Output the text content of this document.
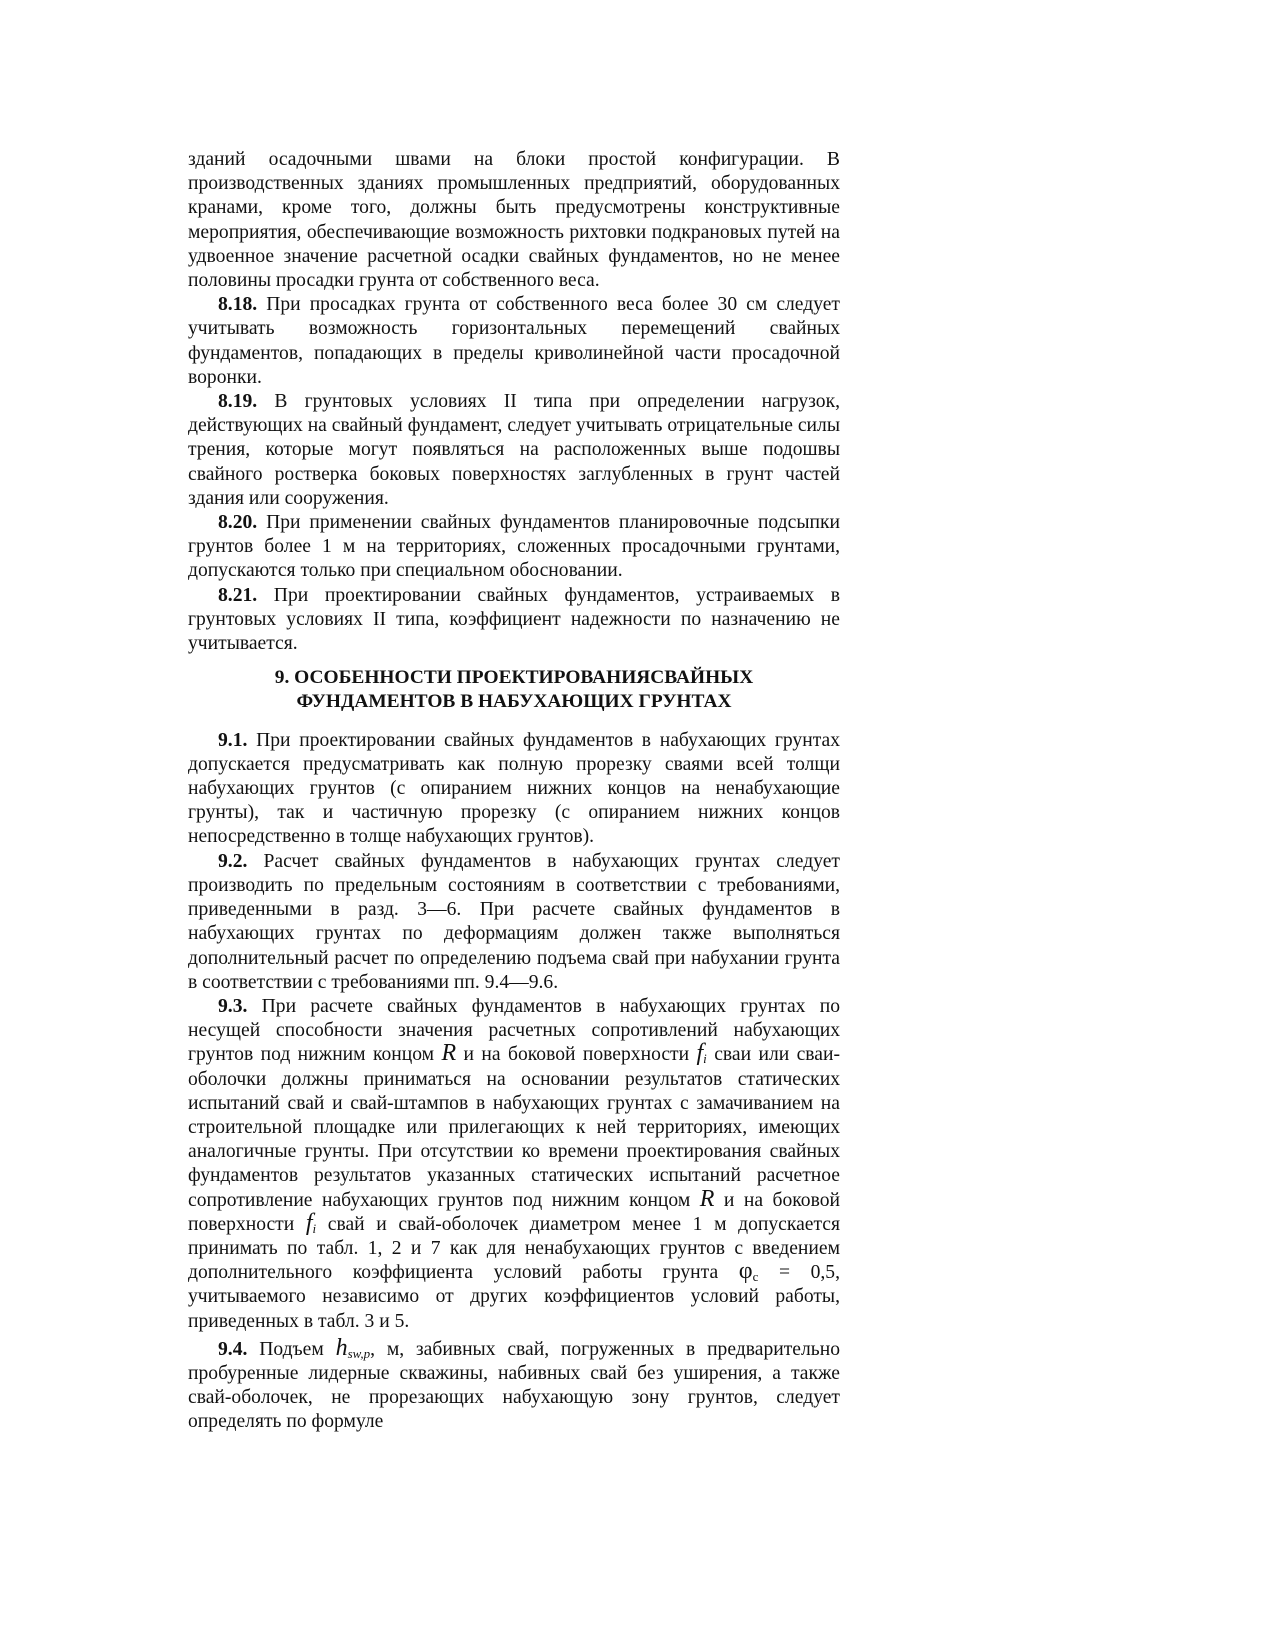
зданий осадочными швами на блоки простой конфигурации. В производственных зданиях промышленных предприятий, оборудованных кранами, кроме того, должны быть предусмотрены конструктивные мероприятия, обеспечивающие возможность рихтовки подкрановых путей на удвоенное значение расчетной осадки свайных фундаментов, но не менее половины просадки грунта от собственного веса.

8.18. При просадках грунта от собственного веса более 30 см следует учитывать возможность горизонтальных перемещений свайных фундаментов, попадающих в пределы криволинейной части просадочной воронки.

8.19. В грунтовых условиях II типа при определении нагрузок, действующих на свайный фундамент, следует учитывать отрицательные силы трения, которые могут появляться на расположенных выше подошвы свайного ростверка боковых поверхностях заглубленных в грунт частей здания или сооружения.

8.20. При применении свайных фундаментов планировочные подсыпки грунтов более 1 м на территориях, сложенных просадочными грунтами, допускаются только при специальном обосновании.

8.21. При проектировании свайных фундаментов, устраиваемых в грунтовых условиях II типа, коэффициент надежности по назначению не учитывается.

9. ОСОБЕННОСТИ ПРОЕКТИРОВАНИЯСВАЙНЫХ
ФУНДАМЕНТОВ В НАБУХАЮЩИХ ГРУНТАХ

9.1. При проектировании свайных фундаментов в набухающих грунтах допускается предусматривать как полную прорезку сваями всей толщи набухающих грунтов (с опиранием нижних концов на ненабухающие грунты), так и частичную прорезку (с опиранием нижних концов непосредственно в толще набухающих грунтов).

9.2. Расчет свайных фундаментов в набухающих грунтах следует производить по предельным состояниям в соответствии с требованиями, приведенными в разд. 3—6. При расчете свайных фундаментов в набухающих грунтах по деформациям должен также выполняться дополнительный расчет по определению подъема свай при набухании грунта в соответствии с требованиями пп. 9.4—9.6.

9.3. При расчете свайных фундаментов в набухающих грунтах по несущей способности значения расчетных сопротивлений набухающих грунтов под нижним концом R и на боковой поверхности $f_i$ сваи или сваи-оболочки должны приниматься на основании результатов статических испытаний свай и свай-штампов в набухающих грунтах с замачиванием на строительной площадке или прилегающих к ней территориях, имеющих аналогичные грунты. При отсутствии ко времени проектирования свайных фундаментов результатов указанных статических испытаний расчетное сопротивление набухающих грунтов под нижним концом R и на боковой поверхности $f_i$ свай и свай-оболочек диаметром менее 1 м допускается принимать по табл. 1, 2 и 7 как для ненабухающих грунтов с введением дополнительного коэффициента условий работы грунта φc = 0,5, учитываемого независимо от других коэффициентов условий работы, приведенных в табл. 3 и 5.

9.4. Подъем $h_{sw,p}$, м, забивных свай, погруженных в предварительно пробуренные лидерные скважины, набивных свай без уширения, а также свай-оболочек, не прорезающих набухающую зону грунтов, следует определять по формуле
